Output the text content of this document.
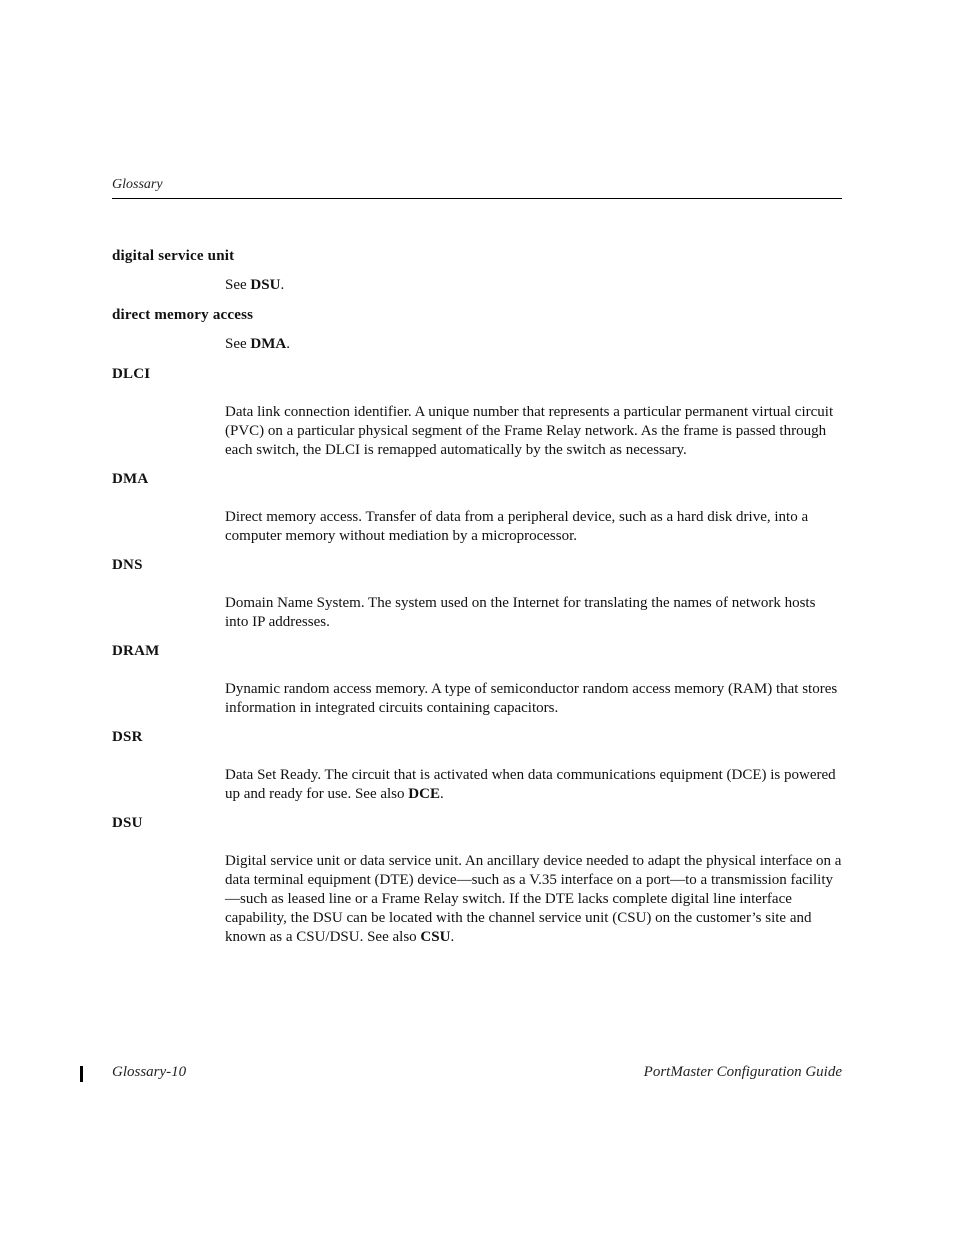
Glossary

digital service unit

See DSU.

direct memory access

See DMA.

DLCI

Data link connection identifier. A unique number that represents a particular permanent virtual circuit (PVC) on a particular physical segment of the Frame Relay network. As the frame is passed through each switch, the DLCI is remapped automatically by the switch as necessary.

DMA

Direct memory access. Transfer of data from a peripheral device, such as a hard disk drive, into a computer memory without mediation by a microprocessor.

DNS

Domain Name System. The system used on the Internet for translating the names of network hosts into IP addresses.

DRAM

Dynamic random access memory. A type of semiconductor random access memory (RAM) that stores information in integrated circuits containing capacitors.

DSR

Data Set Ready. The circuit that is activated when data communications equipment (DCE) is powered up and ready for use. See also DCE.

DSU

Digital service unit or data service unit. An ancillary device needed to adapt the physical interface on a data terminal equipment (DTE) device—such as a V.35 interface on a port—to a transmission facility—such as leased line or a Frame Relay switch. If the DTE lacks complete digital line interface capability, the DSU can be located with the channel service unit (CSU) on the customer’s site and known as a CSU/DSU. See also CSU.
Glossary-10	PortMaster Configuration Guide
